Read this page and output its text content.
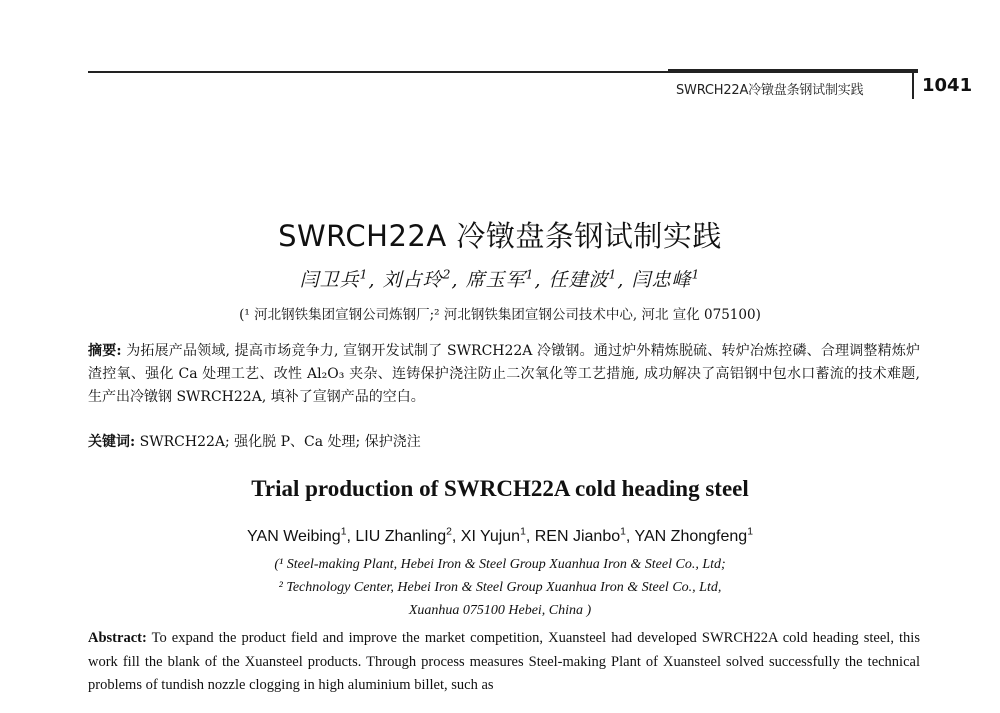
SWRCH22A冷镦盘条钢试制实践	1041
SWRCH22A 冷镦盘条钢试制实践
闫卫兵$^1$, 刘占玲$^2$, 席玉军$^1$, 任建波$^1$, 闫忠峰$^1$
(¹ 河北钢铁集团宣钢公司炼钢厂;² 河北钢铁集团宣钢公司技术中心, 河北 宣化 075100)
摘要: 为拓展产品领域, 提高市场竞争力, 宣钢开发试制了 SWRCH22A 冷镦钢。通过炉外精炼脱硫、转炉冶炼控磷、合理调整精炼炉渣控氧、强化 Ca 处理工艺、改性 Al₂O₃ 夹杂、连铸保护浇注防止二次氧化等工艺措施, 成功解决了高铝钢中包水口蓄流的技术难题, 生产出冷镦钢 SWRCH22A, 填补了宣钢产品的空白。
关键词: SWRCH22A; 强化脱 P、Ca 处理; 保护浇注
Trial production of SWRCH22A cold heading steel
YAN Weibing$^1$, LIU Zhanling$^2$, XI Yujun$^1$, REN Jianbo$^1$, YAN Zhongfeng$^1$
(¹ Steel-making Plant, Hebei Iron & Steel Group Xuanhua Iron & Steel Co., Ltd;
² Technology Center, Hebei Iron & Steel Group Xuanhua Iron & Steel Co., Ltd,
Xuanhua 075100 Hebei, China )
Abstract: To expand the product field and improve the market competition, Xuansteel had developed SWRCH22A cold heading steel, this work fill the blank of the Xuansteel products. Through process measures Steel-making Plant of Xuansteel solved successfully the technical problems of tundish nozzle clogging in high aluminium billet, such as
